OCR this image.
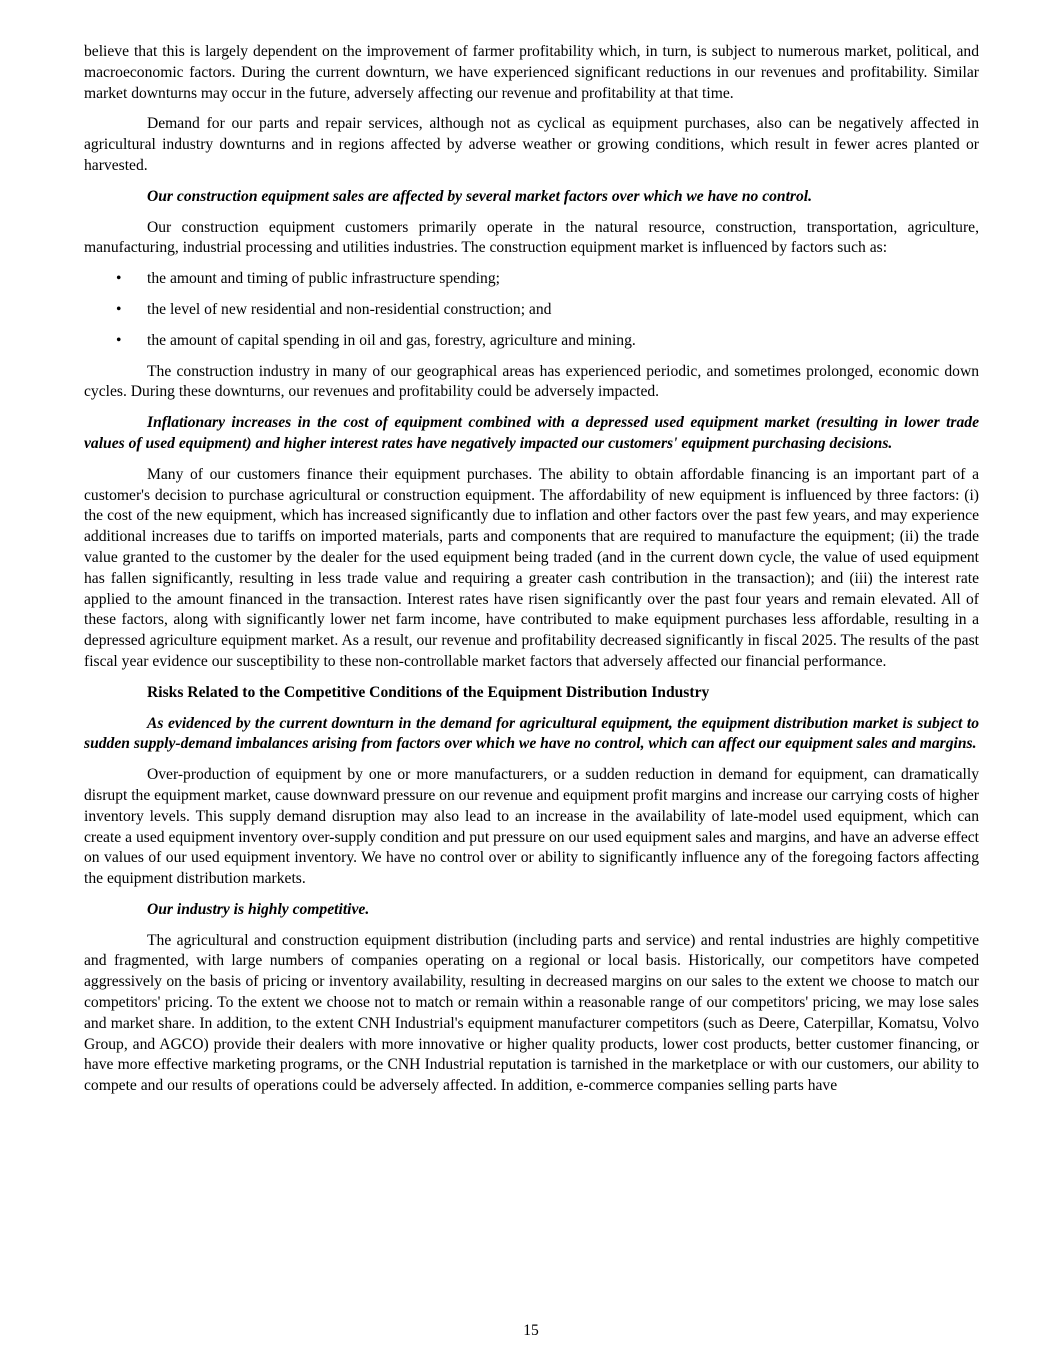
believe that this is largely dependent on the improvement of farmer profitability which, in turn, is subject to numerous market, political, and macroeconomic factors. During the current downturn, we have experienced significant reductions in our revenues and profitability. Similar market downturns may occur in the future, adversely affecting our revenue and profitability at that time.

Demand for our parts and repair services, although not as cyclical as equipment purchases, also can be negatively affected in agricultural industry downturns and in regions affected by adverse weather or growing conditions, which result in fewer acres planted or harvested.

Our construction equipment sales are affected by several market factors over which we have no control.

Our construction equipment customers primarily operate in the natural resource, construction, transportation, agriculture, manufacturing, industrial processing and utilities industries. The construction equipment market is influenced by factors such as:

• the amount and timing of public infrastructure spending;
• the level of new residential and non-residential construction; and
• the amount of capital spending in oil and gas, forestry, agriculture and mining.

The construction industry in many of our geographical areas has experienced periodic, and sometimes prolonged, economic down cycles. During these downturns, our revenues and profitability could be adversely impacted.

Inflationary increases in the cost of equipment combined with a depressed used equipment market (resulting in lower trade values of used equipment) and higher interest rates have negatively impacted our customers' equipment purchasing decisions.

Many of our customers finance their equipment purchases. The ability to obtain affordable financing is an important part of a customer's decision to purchase agricultural or construction equipment. The affordability of new equipment is influenced by three factors: (i) the cost of the new equipment, which has increased significantly due to inflation and other factors over the past few years, and may experience additional increases due to tariffs on imported materials, parts and components that are required to manufacture the equipment; (ii) the trade value granted to the customer by the dealer for the used equipment being traded (and in the current down cycle, the value of used equipment has fallen significantly, resulting in less trade value and requiring a greater cash contribution in the transaction); and (iii) the interest rate applied to the amount financed in the transaction. Interest rates have risen significantly over the past four years and remain elevated. All of these factors, along with significantly lower net farm income, have contributed to make equipment purchases less affordable, resulting in a depressed agriculture equipment market. As a result, our revenue and profitability decreased significantly in fiscal 2025. The results of the past fiscal year evidence our susceptibility to these non-controllable market factors that adversely affected our financial performance.

Risks Related to the Competitive Conditions of the Equipment Distribution Industry

As evidenced by the current downturn in the demand for agricultural equipment, the equipment distribution market is subject to sudden supply-demand imbalances arising from factors over which we have no control, which can affect our equipment sales and margins.

Over-production of equipment by one or more manufacturers, or a sudden reduction in demand for equipment, can dramatically disrupt the equipment market, cause downward pressure on our revenue and equipment profit margins and increase our carrying costs of higher inventory levels. This supply demand disruption may also lead to an increase in the availability of late-model used equipment, which can create a used equipment inventory over-supply condition and put pressure on our used equipment sales and margins, and have an adverse effect on values of our used equipment inventory. We have no control over or ability to significantly influence any of the foregoing factors affecting the equipment distribution markets.

Our industry is highly competitive.

The agricultural and construction equipment distribution (including parts and service) and rental industries are highly competitive and fragmented, with large numbers of companies operating on a regional or local basis. Historically, our competitors have competed aggressively on the basis of pricing or inventory availability, resulting in decreased margins on our sales to the extent we choose to match our competitors' pricing. To the extent we choose not to match or remain within a reasonable range of our competitors' pricing, we may lose sales and market share. In addition, to the extent CNH Industrial's equipment manufacturer competitors (such as Deere, Caterpillar, Komatsu, Volvo Group, and AGCO) provide their dealers with more innovative or higher quality products, lower cost products, better customer financing, or have more effective marketing programs, or the CNH Industrial reputation is tarnished in the marketplace or with our customers, our ability to compete and our results of operations could be adversely affected. In addition, e-commerce companies selling parts have

15
